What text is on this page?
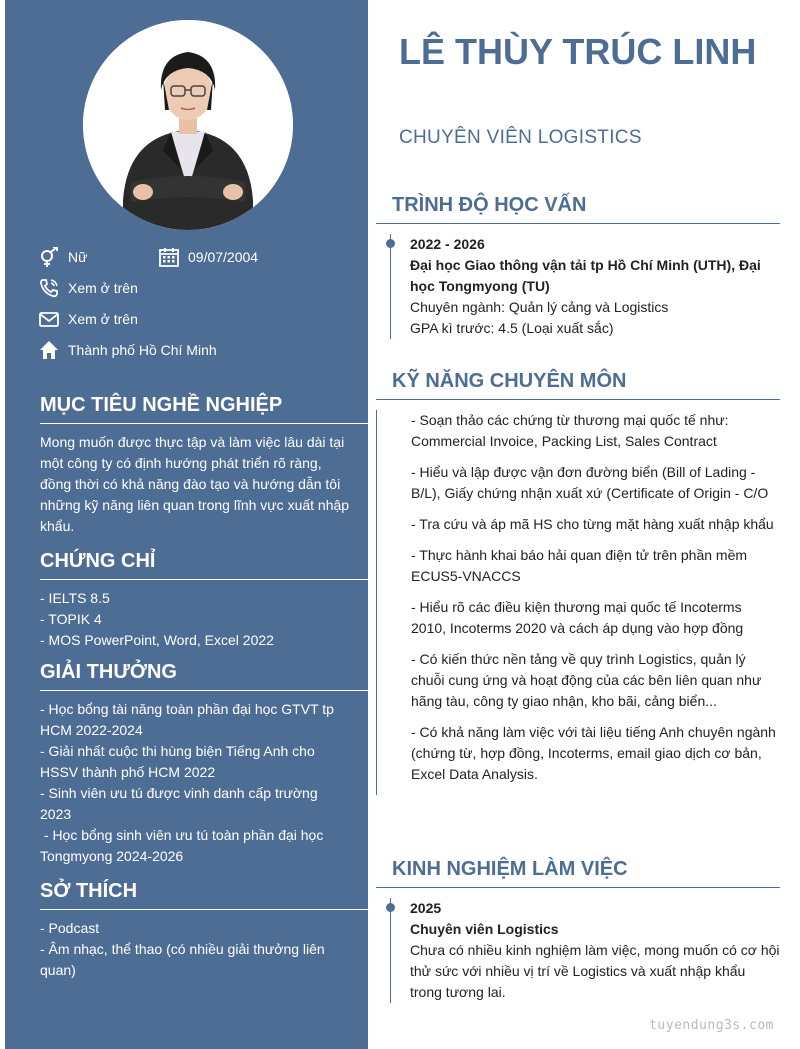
Nữ	09/07/2004
Xem ở trên
Xem ở trên
Thành phố Hồ Chí Minh
MỤC TIÊU NGHỀ NGHIỆP
Mong muốn được thực tập và làm việc lâu dài tại một công ty có định hướng phát triển rõ ràng, đồng thời có khả năng đào tạo và hướng dẫn tôi những kỹ năng liên quan trong lĩnh vực xuất nhập khẩu.
CHỨNG CHỈ
- IELTS 8.5
- TOPIK 4
- MOS PowerPoint, Word, Excel 2022
GIẢI THƯỞNG
- Học bổng tài năng toàn phần đại học GTVT tp HCM 2022-2024
- Giải nhất cuộc thi hùng biện Tiếng Anh cho HSSV thành phố HCM 2022
- Sinh viên ưu tú được vinh danh cấp trường 2023
- Học bổng sinh viên ưu tú toàn phần đại học Tongmyong 2024-2026
SỞ THÍCH
- Podcast
- Âm nhạc, thể thao (có nhiều giải thưởng liên quan)
LÊ THÙY TRÚC LINH
CHUYÊN VIÊN LOGISTICS
TRÌNH ĐỘ HỌC VẤN
2022 - 2026
Đại học Giao thông vận tải tp Hồ Chí Minh (UTH), Đại học Tongmyong (TU)
Chuyên ngành: Quản lý cảng và Logistics
GPA kì trước: 4.5 (Loại xuất sắc)
KỸ NĂNG CHUYÊN MÔN
- Soạn thảo các chứng từ thương mại quốc tế như: Commercial Invoice, Packing List, Sales Contract
- Hiểu và lập được vận đơn đường biển (Bill of Lading - B/L), Giấy chứng nhận xuất xứ (Certificate of Origin - C/O
- Tra cứu và áp mã HS cho từng mặt hàng xuất nhập khẩu
- Thực hành khai báo hải quan điện tử trên phần mềm ECUS5-VNACCS
- Hiểu rõ các điều kiện thương mại quốc tế Incoterms 2010, Incoterms 2020 và cách áp dụng vào hợp đồng
- Có kiến thức nền tảng về quy trình Logistics, quản lý chuỗi cung ứng và hoạt động của các bên liên quan như hãng tàu, công ty giao nhận, kho bãi, cảng biển...
- Có khả năng làm việc với tài liệu tiếng Anh chuyên ngành (chứng từ, hợp đồng, Incoterms, email giao dịch cơ bản, Excel Data Analysis.
KINH NGHIỆM LÀM VIỆC
2025
Chuyên viên Logistics
Chưa có nhiều kinh nghiệm làm việc, mong muốn có cơ hội thử sức với nhiều vị trí về Logistics và xuất nhập khẩu trong tương lai.
tuyendung3s.com
